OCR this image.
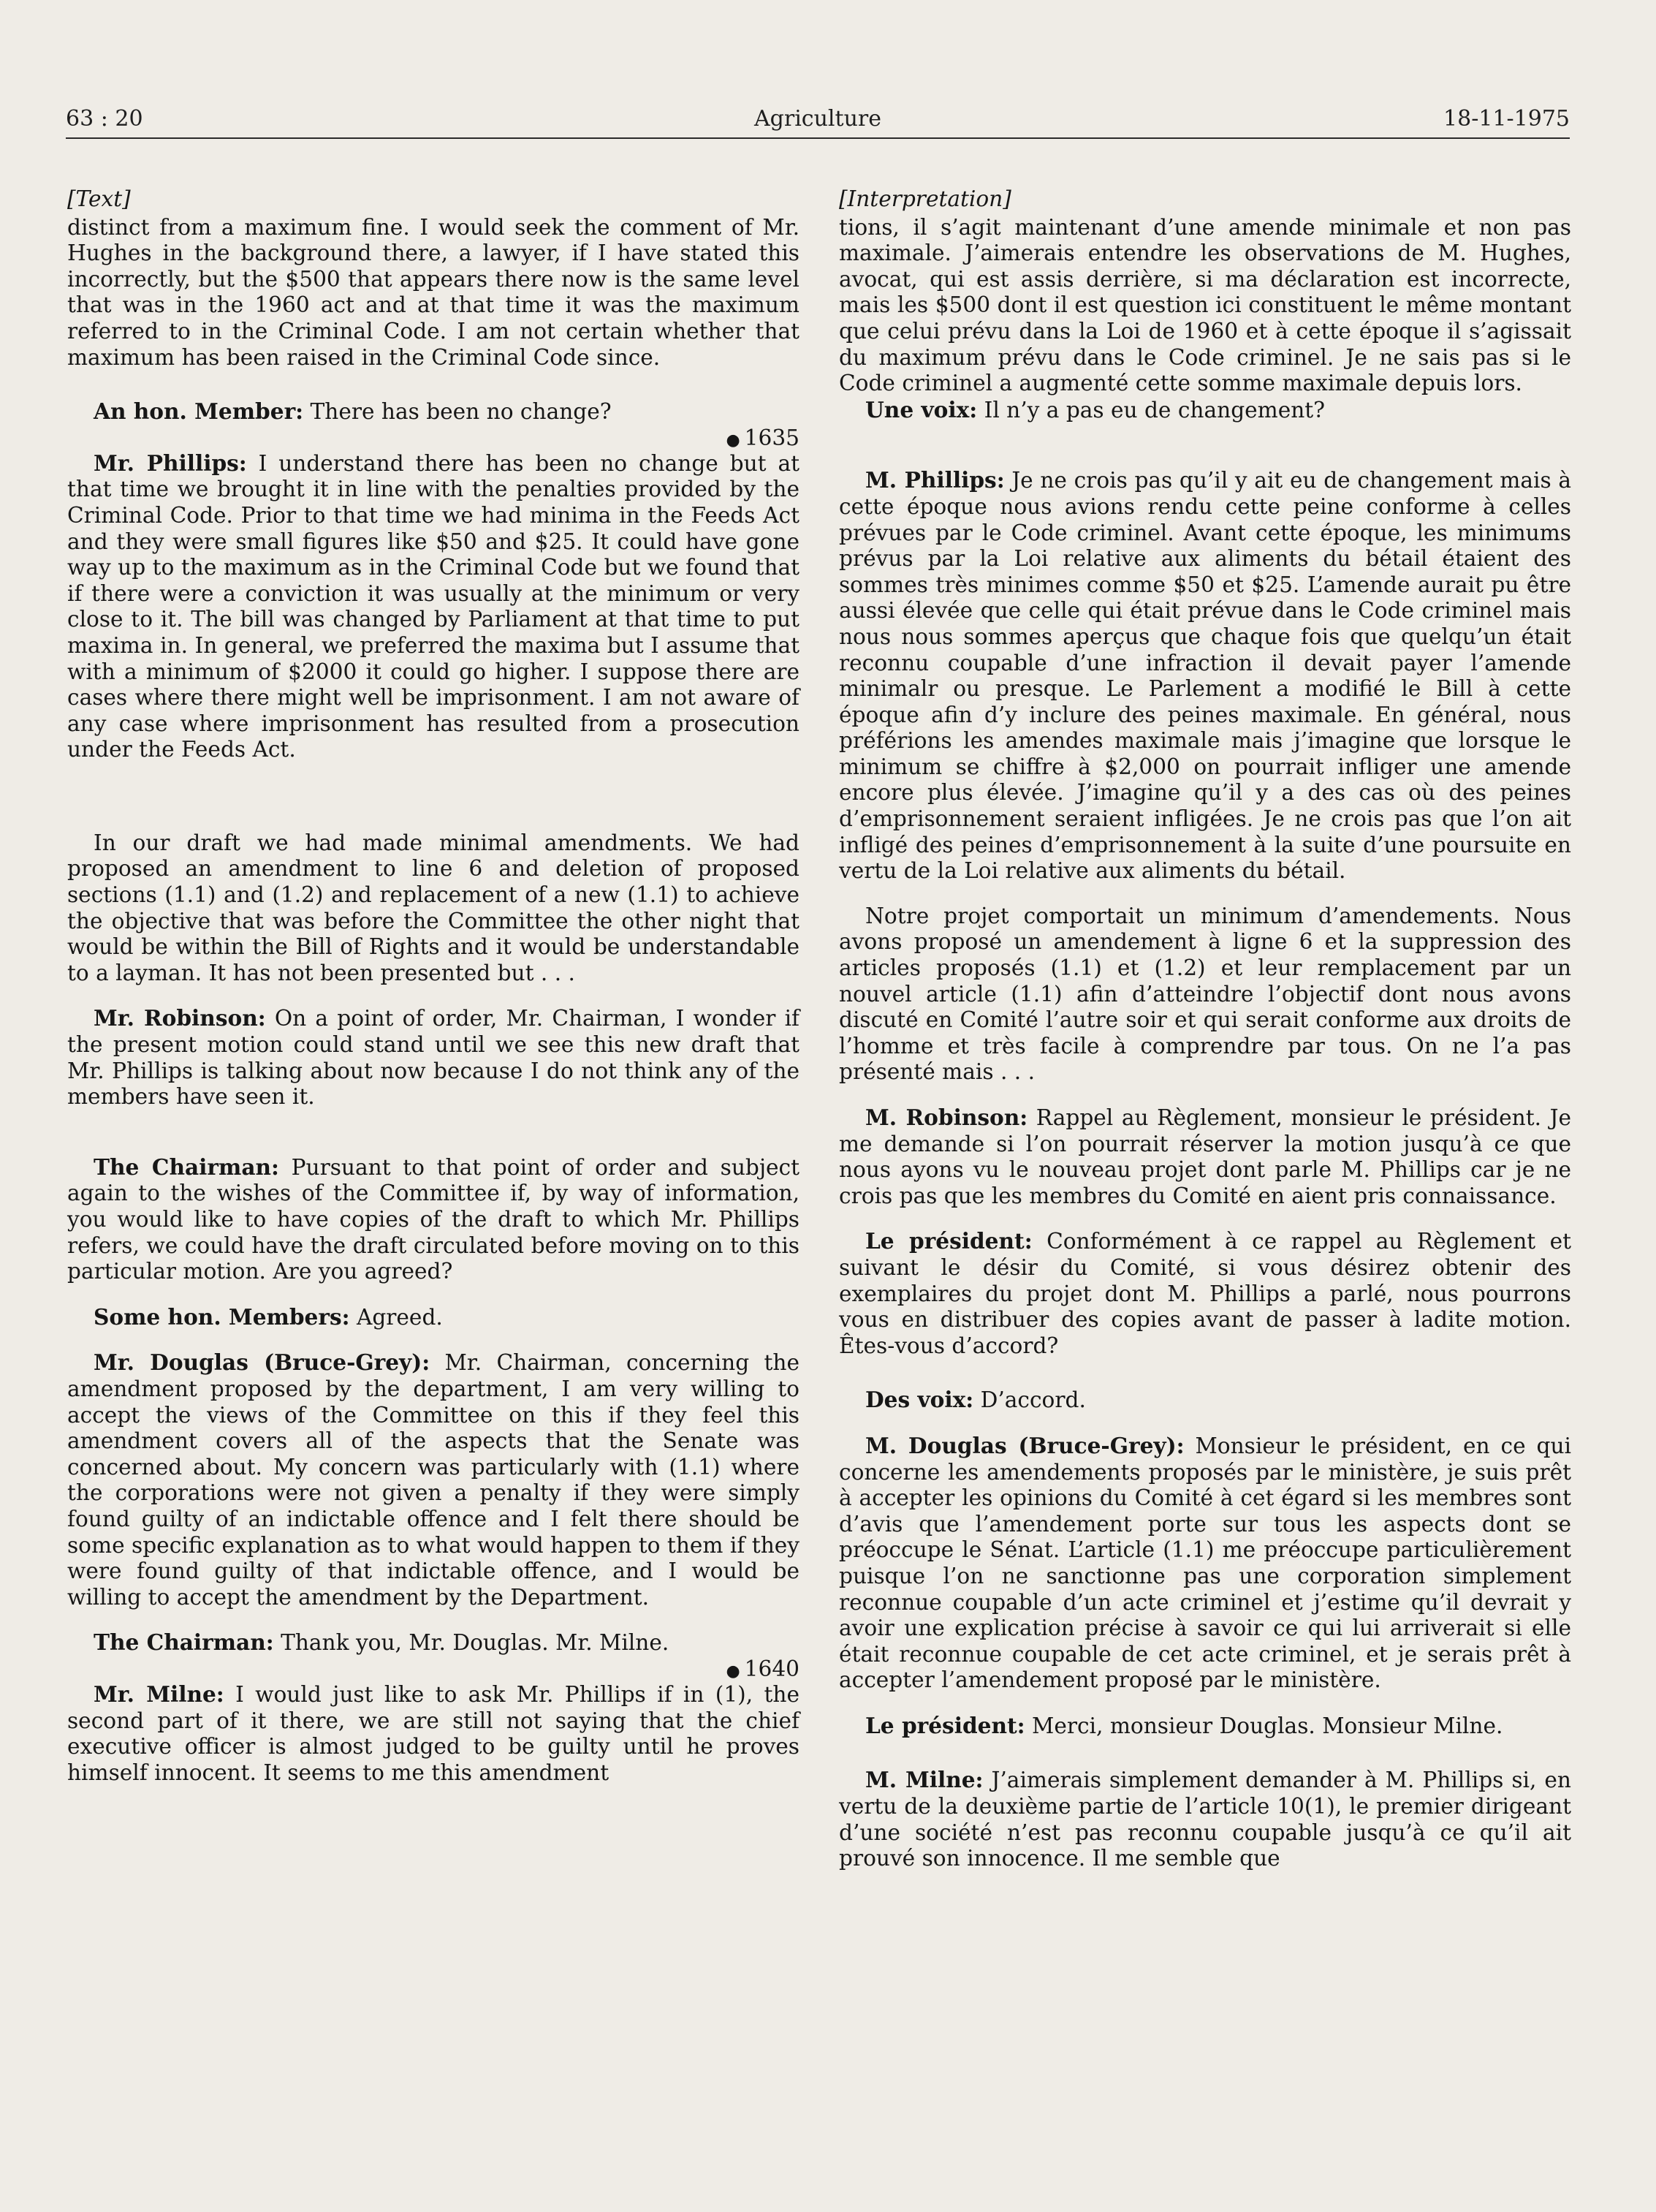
63 : 20	Agriculture	18-11-1975
[Text]

distinct from a maximum fine. I would seek the comment of Mr. Hughes in the background there, a lawyer, if I have stated this incorrectly, but the $500 that appears there now is the same level that was in the 1960 act and at that time it was the maximum referred to in the Criminal Code. I am not certain whether that maximum has been raised in the Criminal Code since.

An hon. Member: There has been no change?

● 1635

Mr. Phillips: I understand there has been no change but at that time we brought it in line with the penalties provided by the Criminal Code. Prior to that time we had minima in the Feeds Act and they were small figures like $50 and $25. It could have gone way up to the maximum as in the Criminal Code but we found that if there were a conviction it was usually at the minimum or very close to it. The bill was changed by Parliament at that time to put maxima in. In general, we preferred the maxima but I assume that with a minimum of $2000 it could go higher. I suppose there are cases where there might well be imprisonment. I am not aware of any case where imprisonment has resulted from a prosecution under the Feeds Act.

In our draft we had made minimal amendments. We had proposed an amendment to line 6 and deletion of proposed sections (1.1) and (1.2) and replacement of a new (1.1) to achieve the objective that was before the Committee the other night that would be within the Bill of Rights and it would be understandable to a layman. It has not been presented but . . .

Mr. Robinson: On a point of order, Mr. Chairman, I wonder if the present motion could stand until we see this new draft that Mr. Phillips is talking about now because I do not think any of the members have seen it.

The Chairman: Pursuant to that point of order and subject again to the wishes of the Committee if, by way of information, you would like to have copies of the draft to which Mr. Phillips refers, we could have the draft circulated before moving on to this particular motion. Are you agreed?

Some hon. Members: Agreed.

Mr. Douglas (Bruce-Grey): Mr. Chairman, concerning the amendment proposed by the department, I am very willing to accept the views of the Committee on this if they feel this amendment covers all of the aspects that the Senate was concerned about. My concern was particularly with (1.1) where the corporations were not given a penalty if they were simply found guilty of an indictable offence and I felt there should be some specific explanation as to what would happen to them if they were found guilty of that indictable offence, and I would be willing to accept the amendment by the Department.

The Chairman: Thank you, Mr. Douglas. Mr. Milne.

● 1640

Mr. Milne: I would just like to ask Mr. Phillips if in (1), the second part of it there, we are still not saying that the chief executive officer is almost judged to be guilty until he proves himself innocent. It seems to me this amendment

[Interpretation]

tions, il s’agit maintenant d’une amende minimale et non pas maximale. J’aimerais entendre les observations de M. Hughes, avocat, qui est assis derrière, si ma déclaration est incorrecte, mais les $500 dont il est question ici constituent le même montant que celui prévu dans la Loi de 1960 et à cette époque il s’agissait du maximum prévu dans le Code criminel. Je ne sais pas si le Code criminel a augmenté cette somme maximale depuis lors.

Une voix: Il n’y a pas eu de changement?

M. Phillips: Je ne crois pas qu’il y ait eu de changement mais à cette époque nous avions rendu cette peine conforme à celles prévues par le Code criminel. Avant cette époque, les minimums prévus par la Loi relative aux aliments du bétail étaient des sommes très minimes comme $50 et $25. L’amende aurait pu être aussi élevée que celle qui était prévue dans le Code criminel mais nous nous sommes aperçus que chaque fois que quelqu’un était reconnu coupable d’une infraction il devait payer l’amende minimalr ou presque. Le Parlement a modifié le Bill à cette époque afin d’y inclure des peines maximale. En général, nous préférions les amendes maximale mais j’imagine que lorsque le minimum se chiffre à $2,000 on pourrait infliger une amende encore plus élevée. J’imagine qu’il y a des cas où des peines d’emprisonnement seraient infligées. Je ne crois pas que l’on ait infligé des peines d’emprisonnement à la suite d’une poursuite en vertu de la Loi relative aux aliments du bétail.

Notre projet comportait un minimum d’amendements. Nous avons proposé un amendement à ligne 6 et la suppression des articles proposés (1.1) et (1.2) et leur remplacement par un nouvel article (1.1) afin d’atteindre l’objectif dont nous avons discuté en Comité l’autre soir et qui serait conforme aux droits de l’homme et très facile à comprendre par tous. On ne l’a pas présenté mais . . .

M. Robinson: Rappel au Règlement, monsieur le président. Je me demande si l’on pourrait réserver la motion jusqu’à ce que nous ayons vu le nouveau projet dont parle M. Phillips car je ne crois pas que les membres du Comité en aient pris connaissance.

Le président: Conformément à ce rappel au Règlement et suivant le désir du Comité, si vous désirez obtenir des exemplaires du projet dont M. Phillips a parlé, nous pourrons vous en distribuer des copies avant de passer à ladite motion. Êtes-vous d’accord?

Des voix: D’accord.

M. Douglas (Bruce-Grey): Monsieur le président, en ce qui concerne les amendements proposés par le ministère, je suis prêt à accepter les opinions du Comité à cet égard si les membres sont d’avis que l’amendement porte sur tous les aspects dont se préoccupe le Sénat. L’article (1.1) me préoccupe particulièrement puisque l’on ne sanctionne pas une corporation simplement reconnue coupable d’un acte criminel et j’estime qu’il devrait y avoir une explication précise à savoir ce qui lui arriverait si elle était reconnue coupable de cet acte criminel, et je serais prêt à accepter l’amendement proposé par le ministère.

Le président: Merci, monsieur Douglas. Monsieur Milne.

M. Milne: J’aimerais simplement demander à M. Phillips si, en vertu de la deuxième partie de l’article 10(1), le premier dirigeant d’une société n’est pas reconnu coupable jusqu’à ce qu’il ait prouvé son innocence. Il me semble que
